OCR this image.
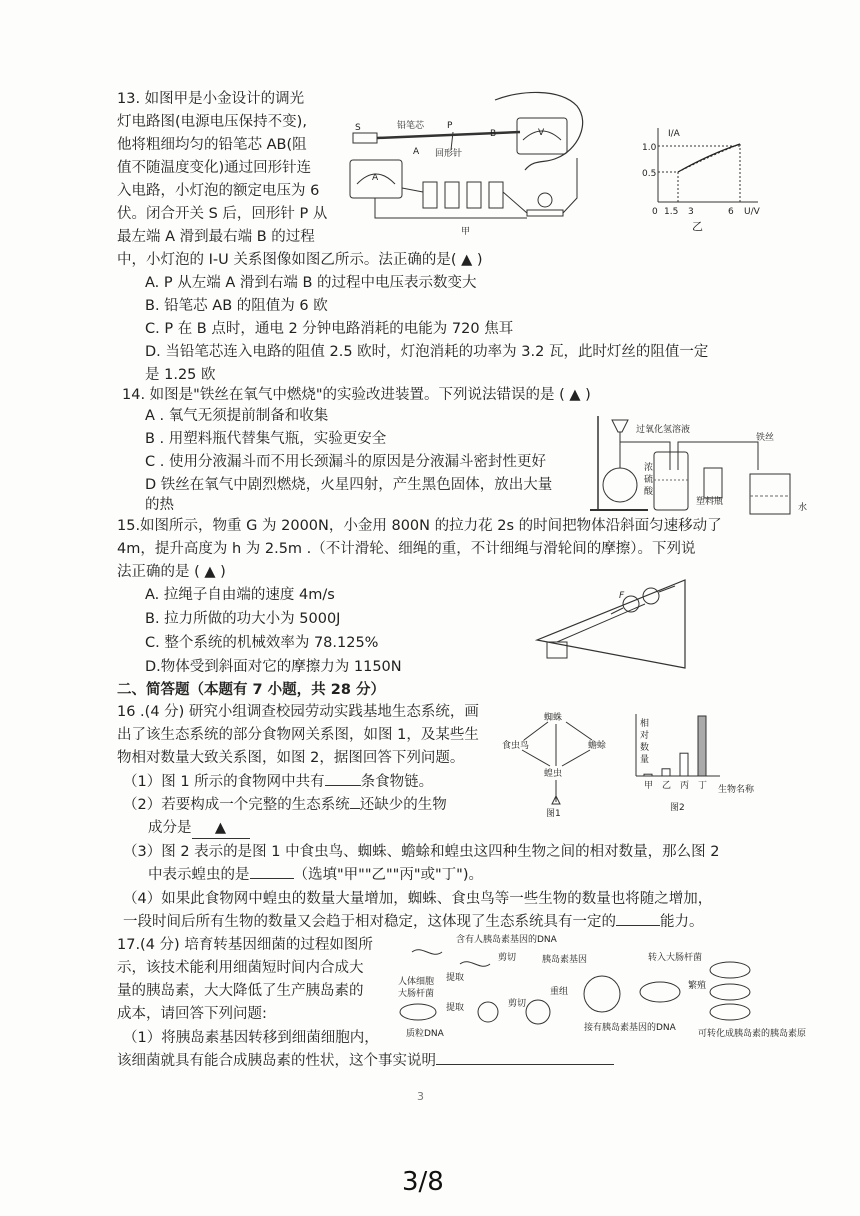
13. 如图甲是小金设计的调光
灯电路图(电源电压保持不变),
他将粗细均匀的铅笔芯 AB(阻
值不随温度变化)通过回形针连
入电路，小灯泡的额定电压为 6
伏。闭合开关 S 后，回形针 P 从
最左端 A 滑到最右端 B 的过程
中，小灯泡的 I-U 关系图像如图乙所示。法正确的是( ▲ )
A. P 从左端 A 滑到右端 B 的过程中电压表示数变大
B. 铅笔芯 AB 的阻值为 6 欧
C. P 在 B 点时，通电 2 分钟电路消耗的电能为 720 焦耳
D. 当铅笔芯连入电路的阻值 2.5 欧时，灯泡消耗的功率为 3.2 瓦，此时灯丝的阻值一定
是 1.25 欧
S	铅笔芯	P
B
A 回形针
V
A
甲
I/A
U/V
1.0
0.5
0 1.5 3	6
乙
14. 如图是"铁丝在氧气中燃烧"的实验改进装置。下列说法错误的是 ( ▲ )
A . 氧气无须提前制备和收集
B . 用塑料瓶代替集气瓶，实验更安全
C . 使用分液漏斗而不用长颈漏斗的原因是分液漏斗密封性更好
D 铁丝在氧气中剧烈燃烧，火星四射，产生黑色固体，放出大量
的热
过氧化氢溶液
浓
硫
酸
塑料瓶
铁丝
水
15.如图所示，物重 G 为 2000N，小金用 800N 的拉力花 2s 的时间把物体沿斜面匀速移动了
4m，提升高度为 h 为 2.5m .（不计滑轮、细绳的重，不计细绳与滑轮间的摩擦）。下列说
法正确的是 ( ▲ )
A. 拉绳子自由端的速度 4m/s
B. 拉力所做的功大小为 5000J
C. 整个系统的机械效率为 78.125%
D.物体受到斜面对它的摩擦力为 1150N
F
二、简答题（本题有 7 小题，共 28 分）
16 .(4 分) 研究小组调查校园劳动实践基地生态系统，画
出了该生态系统的部分食物网关系图，如图 1，及某些生
物相对数量大致关系图，如图 2，据图回答下列问题。
（1）图 1 所示的食物网中共有 条食物链。
（2）若要构成一个完整的生态系统 还缺少的生物
成分是 ▲
（3）图 2 表示的是图 1 中食虫鸟、蜘蛛、蟾蜍和蝗虫这四种生物之间的相对数量，那么图 2
中表示蝗虫的是	（选填"甲""乙""丙"或"丁")。
（4）如果此食物网中蝗虫的数量大量增加，蜘蛛、食虫鸟等一些生物的数量也将随之增加，
一段时间后所有生物的数量又会趋于相对稳定，这体现了生态系统具有一定的	能力。
蜘蛛
食虫鸟	蟾蜍
蝗虫
图1
相
对
数
量
甲 乙 丙 丁 生物名称
图2
17.(4 分) 培育转基因细菌的过程如图所
示，该技术能利用细菌短时间内合成大
量的胰岛素，大大降低了生产胰岛素的
成本，请回答下列问题:
（1）将胰岛素基因转移到细菌细胞内，
该细菌就具有能合成胰岛素的性状，这个事实说明
含有人胰岛素基因的DNA
剪切	胰岛素基因	转入大肠杆菌
繁殖
人体细胞
大肠杆菌
提取
提取	剪切
重组
质粒DNA
接有胰岛素基因的DNA
可转化成胰岛素的胰岛素原
3
3/8
